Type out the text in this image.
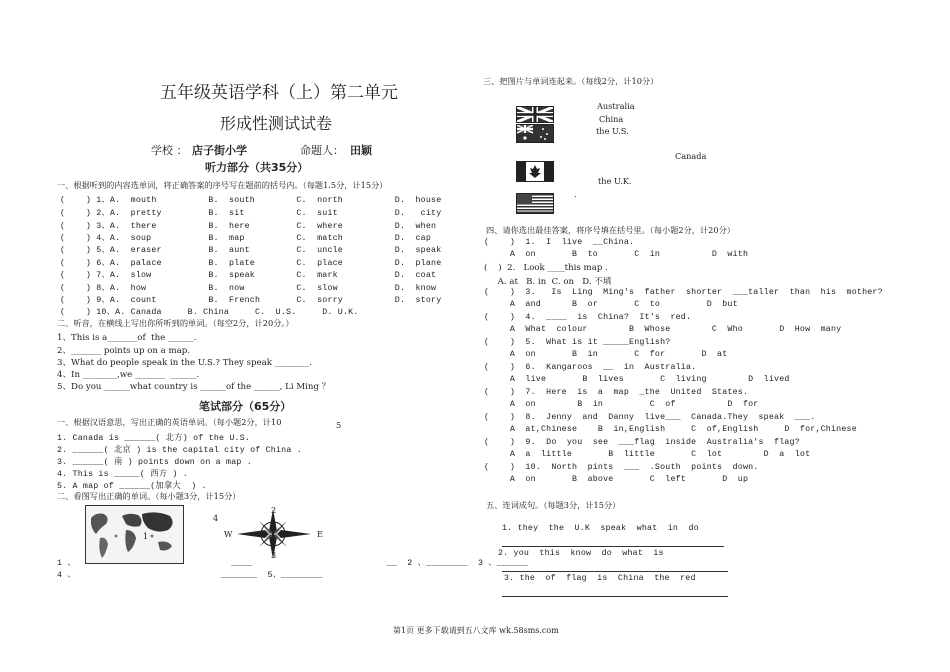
五年级英语学科（上）第二单元
形成性测试试卷
学校 ： 店子街小学	命题人： 田颖
听力部分（共35分）
一、根据听到的内容选单词，将正确答案的序号写在题前的括号内。（每题1.5分，计15分）
(    ) 1、A.  mouth          B.  south        C.  north          D.  house
(    ) 2、A.  pretty         B.  sit          C.  suit           D.   city
(    ) 3、A.  there          B.  here         C.  where          D.  when
(    ) 4、A.  soup           B.  map          C.  match          D.  cap
(    ) 5、A.  eraser         B.  aunt         C.  uncle          D.  speak
(    ) 6、A.  palace         B.  plate        C.  place          D.  plane
(    ) 7、A.  slow           B.  speak        C.  mark           D.  coat
(    ) 8、A.  how            B.  now          C.  slow           D.  know
(    ) 9、A.  count          B.  French       C.  sorry          D.  story
(    ) 10、A. Canada     B. China     C.  U.S.     D. U.K.
二、听音，在横线上写出你所听到的单词。（每空2分，计20分。）
1、This is a_______of  the ______.
2、_______ points up on a map.
3、What do people speak in the U.S.? They speak ________.
4、In ________,we _______  ______.
5、Do you ______what country is ______of the ______, Li Ming ？
笔试部分（65分）
一、根据汉语意思，写出正确的英语单词。（每小题2分，计10	5
1. Canada is ______( 北方) of the U.S.
2. ______( 北京 ) is the capital city of China .
3. ______( 南 ) points down on a map .
4. This is _____( 西方 ) .
5. A map of ______(加拿大  ) .
二、看图写出正确的单词。（每小题3分，计15分）
1
4
2
W	E
3
1 、                              ____                          __  2 、________  3 、______
4 、                            _______  5、________
三、把图片与单词连起来。（每线2分，计10分）
Australia
China
the U.S.
Canada
the U.K.
.
四、请你选出最佳答案，将序号填在括号里。（每小题2分，计20分）
(    )  1.  I  live  __China.
A  on       B  to       C  in          D  with
(    )  2.   Look ____this map .
A. at   B. in  C. on   D. 不填
(    )  3.   Is  Ling  Ming's  father  shorter  ___taller  than  his  mother?
A  and      B  or       C  to         D  but
(    )  4.  ____  is  China?  It's  red.
A  What  colour        B  Whose        C  Who       D  How  many
(    )  5.  What is it _____English?
A  on       B  in       C  for       D  at
(    )  6.  Kangaroos  __  in  Australia.
A  live       B  lives       C  living        D  lived
(    )  7.  Here  is  a  map  _the  United  States.
A  on        B  in         C  of          D  for
(    )  8.  Jenny  and  Danny  live___  Canada.They  speak  ___.
A  at,Chinese    B  in,English     C  of,English     D  for,Chinese
(    )  9.  Do  you  see  ___flag  inside  Australia's  flag?
A  a  little       B  little       C  lot        D  a  lot
(    )  10.  North  pints  ___  .South  points  down.
A  on       B  above       C  left       D  up
五、连词成句。（每题3分，计15分）
1. they  the  U.K  speak  what  in  do
2. you  this  know  do  what  is
3. the  of  flag  is  China  the  red
第1页 更多下载请到五八文库 wk.58sms.com
